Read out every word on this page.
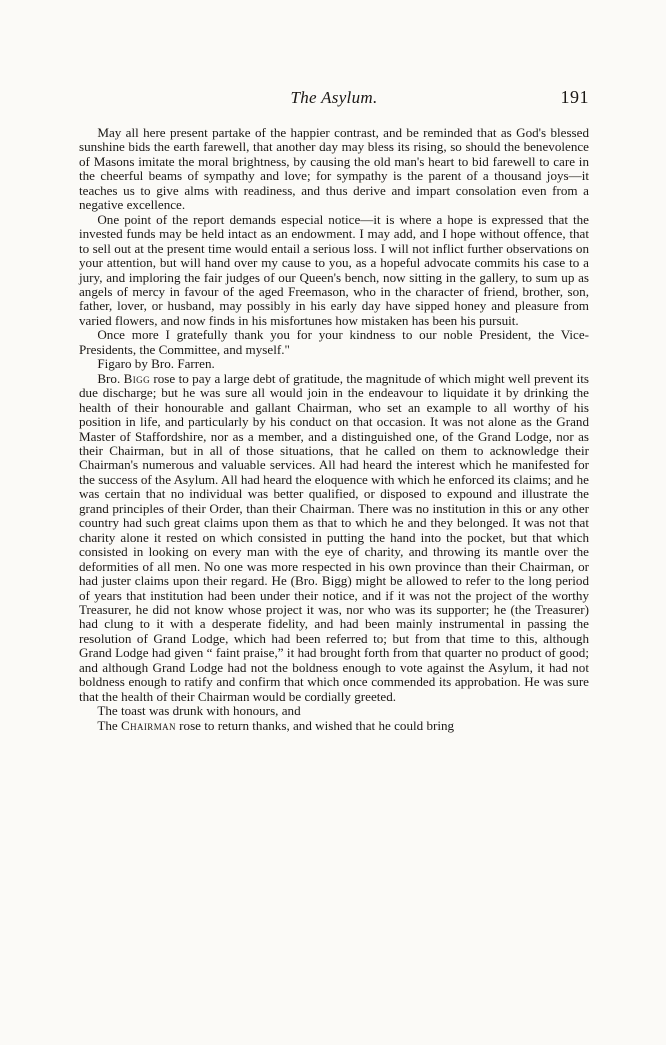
The Asylum.	191

May all here present partake of the happier contrast, and be reminded that as God's blessed sunshine bids the earth farewell, that another day may bless its rising, so should the benevolence of Masons imitate the moral brightness, by causing the old man's heart to bid farewell to care in the cheerful beams of sympathy and love; for sympathy is the parent of a thousand joys—it teaches us to give alms with readiness, and thus derive and impart consolation even from a negative excellence.

One point of the report demands especial notice—it is where a hope is expressed that the invested funds may be held intact as an endowment. I may add, and I hope without offence, that to sell out at the present time would entail a serious loss. I will not inflict further observations on your attention, but will hand over my cause to you, as a hopeful advocate commits his case to a jury, and imploring the fair judges of our Queen's bench, now sitting in the gallery, to sum up as angels of mercy in favour of the aged Freemason, who in the character of friend, brother, son, father, lover, or husband, may possibly in his early day have sipped honey and pleasure from varied flowers, and now finds in his misfortunes how mistaken has been his pursuit.

Once more I gratefully thank you for your kindness to our noble President, the Vice-Presidents, the Committee, and myself."

Figaro by Bro. Farren.

Bro. Bigg rose to pay a large debt of gratitude, the magnitude of which might well prevent its due discharge; but he was sure all would join in the endeavour to liquidate it by drinking the health of their honourable and gallant Chairman, who set an example to all worthy of his position in life, and particularly by his conduct on that occasion. It was not alone as the Grand Master of Staffordshire, nor as a member, and a distinguished one, of the Grand Lodge, nor as their Chairman, but in all of those situations, that he called on them to acknowledge their Chairman's numerous and valuable services. All had heard the interest which he manifested for the success of the Asylum. All had heard the eloquence with which he enforced its claims; and he was certain that no individual was better qualified, or disposed to expound and illustrate the grand principles of their Order, than their Chairman. There was no institution in this or any other country had such great claims upon them as that to which he and they belonged. It was not that charity alone it rested on which consisted in putting the hand into the pocket, but that which consisted in looking on every man with the eye of charity, and throwing its mantle over the deformities of all men. No one was more respected in his own province than their Chairman, or had juster claims upon their regard. He (Bro. Bigg) might be allowed to refer to the long period of years that institution had been under their notice, and if it was not the project of the worthy Treasurer, he did not know whose project it was, nor who was its supporter; he (the Treasurer) had clung to it with a desperate fidelity, and had been mainly instrumental in passing the resolution of Grand Lodge, which had been referred to; but from that time to this, although Grand Lodge had given “ faint praise,” it had brought forth from that quarter no product of good; and although Grand Lodge had not the boldness enough to vote against the Asylum, it had not boldness enough to ratify and confirm that which once commended its approbation. He was sure that the health of their Chairman would be cordially greeted.

The toast was drunk with honours, and

The Chairman rose to return thanks, and wished that he could bring
